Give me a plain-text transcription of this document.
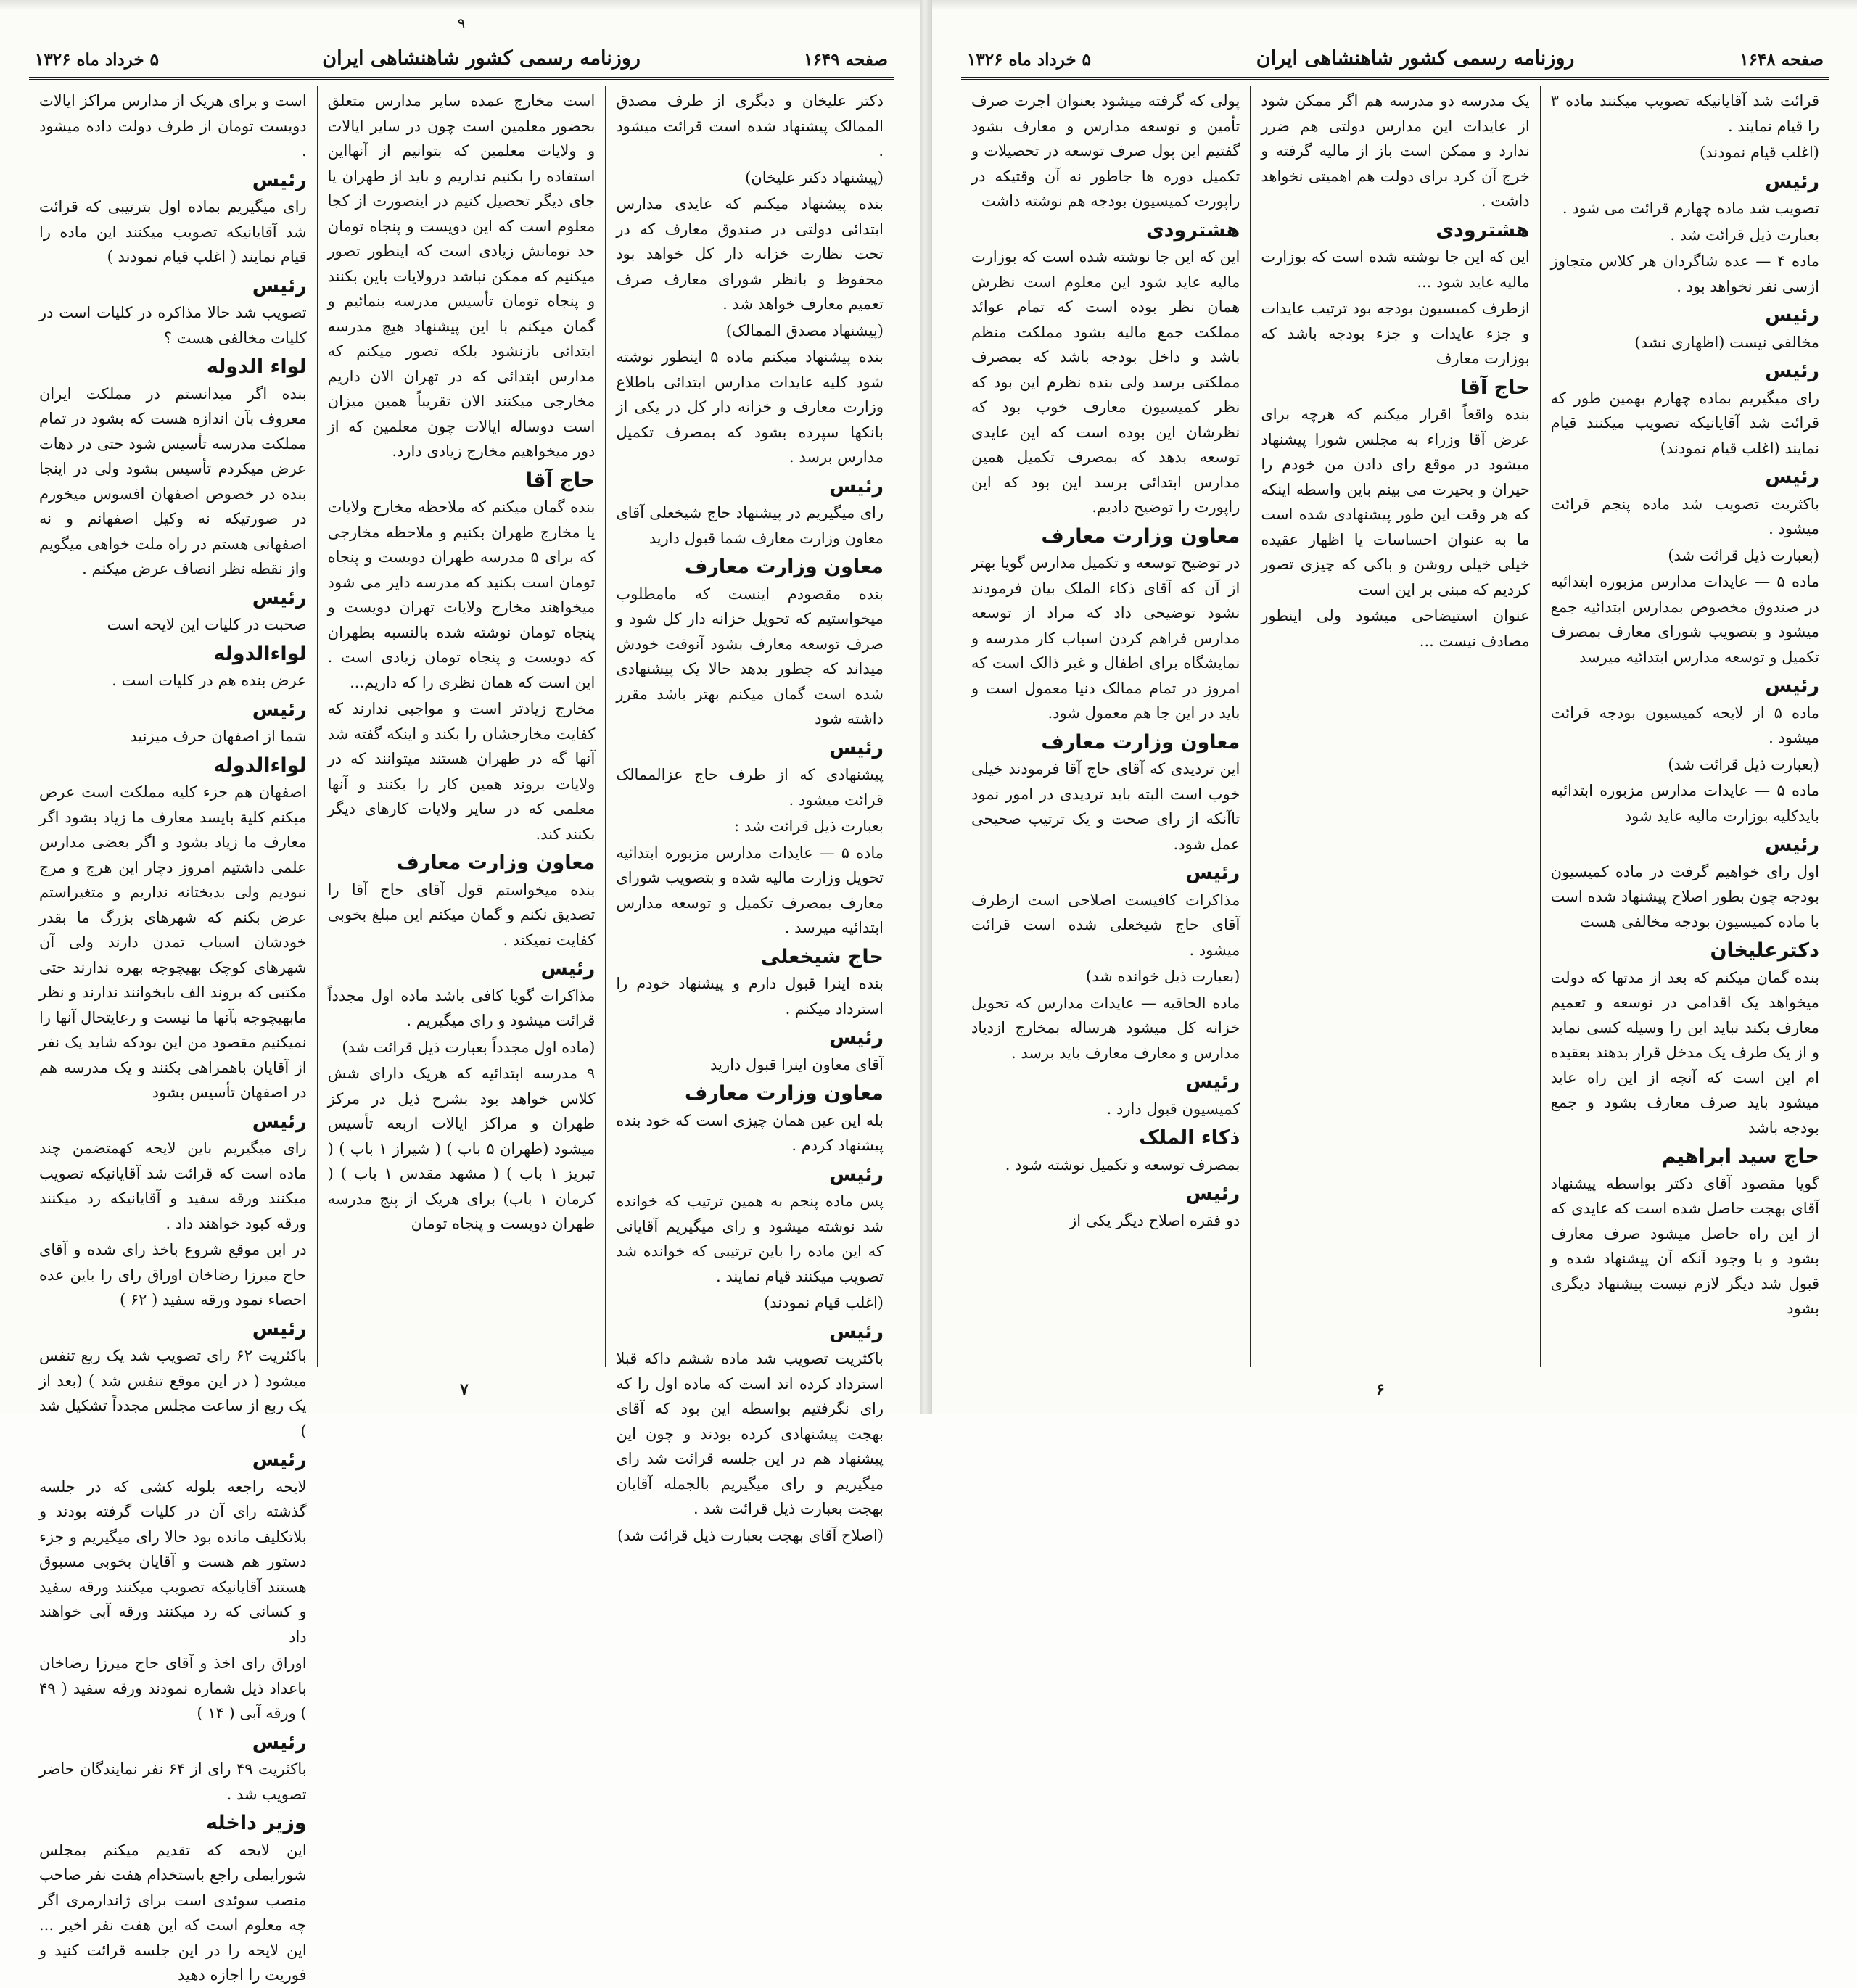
صفحه ۱۶۴۹
روزنامه رسمی کشور شاهنشاهی ایران
۵ خرداد ماه ۱۳۲۶
۹

دکتر علیخان و دیگری از طرف مصدق الممالک پیشنهاد شده است قرائت میشود .

(پیشنهاد دکتر علیخان)

بنده پیشنهاد میکنم که عایدی مدارس ابتدائی دولتی در صندوق معارف که در تحت نظارت خزانه دار کل خواهد بود محفوظ و بانظر شورای معارف صرف تعمیم معارف خواهد شد .

(پیشنهاد مصدق الممالک)

بنده پیشنهاد میکنم ماده ۵ اینطور نوشته شود کلیه عایدات مدارس ابتدائی باطلاع وزارت معارف و خزانه دار کل در یکی از بانکها سپرده بشود که بمصرف تکمیل مدارس برسد .

رئیس

رای میگیریم در پیشنهاد حاج شیخعلی آقای معاون وزارت معارف شما قبول دارید

معاون وزارت معارف

بنده مقصودم اینست که مامطلوب میخواستیم که تحویل خزانه دار کل شود و صرف توسعه معارف بشود آنوقت خودش میداند که چطور بدهد حالا یک پیشنهادی شده است گمان میکنم بهتر باشد مقرر داشته شود

رئیس

پیشنهادی که از طرف حاج عزالممالک قرائت میشود .

بعبارت ذیل قرائت شد :

ماده ۵ — عایدات مدارس مزبوره ابتدائیه تحویل وزارت مالیه شده و بتصویب شورای معارف بمصرف تکمیل و توسعه مدارس ابتدائیه میرسد .

حاج شیخعلی

بنده اینرا قبول دارم و پیشنهاد خودم را استرداد میکنم .

رئیس

آقای معاون اینرا قبول دارید

معاون وزارت معارف

بله این عین همان چیزی است که خود بنده پیشنهاد کردم .

رئیس

پس ماده پنجم به همین ترتیب که خوانده شد نوشته میشود و رای میگیریم آقایانی که این ماده را باین ترتیبی که خوانده شد تصویب میکنند قیام نمایند .

(اغلب قیام نمودند)

رئیس

باکثریت تصویب شد ماده ششم داکه قبلا استرداد کرده اند است که ماده اول را که رای نگرفتیم بواسطه این بود که آقای بهجت پیشنهادی کرده بودند و چون این پیشنهاد هم در این جلسه قرائت شد رای میگیریم و رای میگیریم بالجمله آقایان بهجت بعبارت ذیل قرائت شد .

(اصلاح آقای بهجت بعبارت ذیل قرائت شد)

است مخارج عمده سایر مدارس متعلق بحضور معلمین است چون در سایر ایالات و ولایات معلمین که بتوانیم از آنهااین استفاده را بکنیم نداریم و باید از طهران یا جای دیگر تحصیل کنیم در اینصورت از کجا معلوم است که این دویست و پنجاه تومان حد تومانش زیادی است که اینطور تصور میکنیم که ممکن نباشد درولایات باین بکنند و پنجاه تومان تأسیس مدرسه بنمائیم و گمان میکنم با این پیشنهاد هیچ مدرسه ابتدائی بازنشود بلکه تصور میکنم که مدارس ابتدائی که در تهران الان داریم مخارجی میکنند الان تقریباً همین میزان است دوساله ایالات چون معلمین که از دور میخواهیم مخارج زیادی دارد.

حاج آقا

بنده گمان میکنم که ملاحظه مخارج ولایات یا مخارج طهران بکنیم و ملاحظه مخارجی که برای ۵ مدرسه طهران دویست و پنجاه تومان است بکنید که مدرسه دایر می شود میخواهند مخارج ولایات تهران دویست و پنجاه تومان نوشته شده بالنسبه بطهران که دویست و پنجاه تومان زیادی است . این است که همان نظری را که داریم...

مخارج زیادتر است و مواجبی ندارند که کفایت مخارجشان را بکند و اینکه گفته شد آنها گه در طهران هستند میتوانند که در ولایات بروند همین کار را بکنند و آنها معلمی که در سایر ولایات کارهای دیگر بکنند کند.

معاون وزارت معارف

بنده میخواستم قول آقای حاج آقا را تصدیق نکنم و گمان میکنم این مبلغ بخوبی کفایت نمیکند .

رئیس

مذاکرات گویا کافی باشد ماده اول مجدداً قرائت میشود و رای میگیریم .

(ماده اول مجدداً بعبارت ذیل قرائت شد)

۹ مدرسه ابتدائیه که هریک دارای شش کلاس خواهد بود بشرح ذیل در مرکز طهران و مراکز ایالات اربعه تأسیس میشود (طهران ۵ باب ) ( شیراز ۱ باب ) ( تبریز ۱ باب ) ( مشهد مقدس ۱ باب ) ( کرمان ۱ باب) برای هریک از پنج مدرسه طهران دویست و پنجاه تومان

است و برای هریک از مدارس مراکز ایالات دویست تومان از طرف دولت داده میشود .

رئیس

رای میگیریم بماده اول بترتیبی که قرائت شد آقایانیکه تصویب میکنند این ماده را قیام نمایند ( اغلب قیام نمودند )

رئیس

تصویب شد حالا مذاکره در کلیات است در کلیات مخالفی هست ؟

لواء الدوله

بنده اگر میدانستم در مملکت ایران معروف بآن اندازه هست که بشود در تمام مملکت مدرسه تأسیس شود حتی در دهات عرض میکردم تأسیس بشود ولی در اینجا بنده در خصوص اصفهان افسوس میخورم در صورتیکه نه وکیل اصفهانم و نه اصفهانی هستم در راه ملت خواهی میگویم واز نقطه نظر انصاف عرض میکنم .

رئیس

صحبت در کلیات این لایحه است

لواءالدوله

عرض بنده هم در کلیات است .

رئیس

شما از اصفهان حرف میزنید

لواءالدوله

اصفهان هم جزء کلیه مملکت است عرض میکنم کلیة بایسد معارف ما زیاد بشود اگر معارف ما زیاد بشود و اگر بعضی مدارس علمی داشتیم امروز دچار این هرج و مرج نبودیم ولی بدبختانه نداریم و متغیراستم عرض بکنم که شهرهای بزرگ ما بقدر خودشان اسباب تمدن دارند ولی آن شهرهای کوچک بهیچوجه بهره ندارند حتی مکتبی که بروند الف بابخوانند ندارند و نظر مابهیچوجه بآنها ما نیست و رعایتحال آنها را نمیکنیم مقصود من این بودکه شاید یک نفر از آقایان باهمراهی بکنند و یک مدرسه هم در اصفهان تأسیس بشود

رئیس

رای میگیریم باین لایحه کهمتضمن چند ماده است که قرائت شد آقایانیکه تصویب میکنند ورقه سفید و آقایانیکه رد میکنند ورقه کبود خواهند داد .

در این موقع شروع باخذ رای شده و آقای حاج میرزا رضاخان اوراق رای را باین عده احصاء نمود ورقه سفید ( ۶۲ )

رئیس

باکثریت ۶۲ رای تصویب شد یک ربع تنفس میشود ( در این موقع تنفس شد ) (بعد از یک ربع از ساعت مجلس مجدداً تشکیل شد )

رئیس

لایحه راجعه بلوله کشی که در جلسه گذشته رای آن در کلیات گرفته بودند و بلاتکلیف مانده بود حالا رای میگیریم و جزء دستور هم هست و آقایان بخوبی مسبوق هستند آقایانیکه تصویب میکنند ورقه سفید و کسانی که رد میکنند ورقه آبی خواهند داد

اوراق رای اخذ و آقای حاج میرزا رضاخان باعداد ذیل شماره نمودند ورقه سفید ( ۴۹ ) ورقه آبی ( ۱۴ )

رئیس

باکثریت ۴۹ رای از ۶۴ نفر نمایندگان حاضر تصویب شد .

وزیر داخله

این لایحه که تقدیم میکنم بمجلس شورایملی راجع باستخدام هفت نفر صاحب منصب سوئدی است برای ژاندارمری اگر چه معلوم است که این هفت نفر اخیر ... این لایحه را در این جلسه قرائت کنید و فوریت را اجازه دهید

۷
صفحه ۱۶۴۸
روزنامه رسمی کشور شاهنشاهی ایران
۵ خرداد ماه ۱۳۲۶

قرائت شد آقایانیکه تصویب میکنند ماده ۳ را قیام نمایند .

(اغلب قیام نمودند)

رئیس

تصویب شد ماده چهارم قرائت می شود .

بعبارت ذیل قرائت شد .

ماده ۴ — عده شاگردان هر کلاس متجاوز ازسی نفر نخواهد بود .

رئیس

مخالفی نیست (اظهاری نشد)

رئیس

رای میگیریم بماده چهارم بهمین طور که قرائت شد آقایانیکه تصویب میکنند قیام نمایند (اغلب قیام نمودند)

رئیس

باکثریت تصویب شد ماده پنجم قرائت میشود .

(بعبارت ذیل قرائت شد)

ماده ۵ — عایدات مدارس مزبوره ابتدائیه در صندوق مخصوص بمدارس ابتدائیه جمع میشود و بتصویب شورای معارف بمصرف تکمیل و توسعه مدارس ابتدائیه میرسد

رئیس

ماده ۵ از لایحه کمیسیون بودجه قرائت میشود .

(بعبارت ذیل قرائت شد)

ماده ۵ — عایدات مدارس مزبوره ابتدائیه بایدکلیه بوزارت مالیه عاید شود

رئیس

اول رای خواهیم گرفت در ماده کمیسیون بودجه چون بطور اصلاح پیشنهاد شده است با ماده کمیسیون بودجه مخالفی هست

دکترعلیخان

بنده گمان میکنم که بعد از مدتها که دولت میخواهد یک اقدامی در توسعه و تعمیم معارف بکند نباید این را وسیله کسی نماید و از یک طرف یک مدخل قرار بدهند بعقیده ام این است که آنچه از این راه عاید میشود باید صرف معارف بشود و جمع بودجه باشد

حاج سید ابراهیم

گویا مقصود آقای دکتر بواسطه پیشنهاد آقای بهجت حاصل شده است که عایدی که از این راه حاصل میشود صرف معارف بشود و با وجود آنکه آن پیشنهاد شده و قبول شد دیگر لازم نیست پیشنهاد دیگری بشود

یک مدرسه دو مدرسه هم اگر ممکن شود از عایدات این مدارس دولتی هم ضرر ندارد و ممکن است باز از مالیه گرفته و خرج آن کرد برای دولت هم اهمیتی نخواهد داشت .

هشترودی

این که این جا نوشته شده است که بوزارت مالیه عاید شود ...

ازطرف کمیسیون بودجه بود ترتیب عایدات و جزء عایدات و جزء بودجه باشد که بوزارت معارف

حاج آقا

بنده واقعاً اقرار میکنم که هرچه برای عرض آقا وزراء به مجلس شورا پیشنهاد میشود در موقع رای دادن من خودم را حیران و بحیرت می بینم باین واسطه اینکه که هر وقت این طور پیشنهادی شده است ما به عنوان احساسات یا اظهار عقیده خیلی خیلی روشن و باکی که چیزی تصور کردیم که مبنی بر این است

عنوان استیضاحی میشود ولی اینطور مصادف نیست ...

پولی که گرفته میشود بعنوان اجرت صرف تأمین و توسعه مدارس و معارف بشود گفتیم این پول صرف توسعه در تحصیلات و تکمیل دوره ها جاطور نه آن وقتیکه در راپورت کمیسیون بودجه هم نوشته داشت

هشترودی

این که این جا نوشته شده است که بوزارت مالیه عاید شود این معلوم است نظرش همان نظر بوده است که تمام عوائد مملکت جمع مالیه بشود مملکت منظم باشد و داخل بودجه باشد که بمصرف مملکتی برسد ولی بنده نظرم این بود که نظر کمیسیون معارف خوب بود که نظرشان این بوده است که این عایدی توسعه بدهد که بمصرف تکمیل همین مدارس ابتدائی برسد این بود که این راپورت را توضیح دادیم.

معاون وزارت معارف

در توضیح توسعه و تکمیل مدارس گویا بهتر از آن که آقای ذکاء الملک بیان فرمودند نشود توضیحی داد که مراد از توسعه مدارس فراهم کردن اسباب کار مدرسه و نمایشگاه برای اطفال و غیر ذالک است که امروز در تمام ممالک دنیا معمول است و باید در این جا هم معمول شود.

معاون وزارت معارف

این تردیدی که آقای حاج آقا فرمودند خیلی خوب است البته باید تردیدی در امور نمود تاآنکه از رای صحت و یک ترتیب صحیحی عمل شود.

رئیس

مذاکرات کافیست اصلاحی است ازطرف آقای حاج شیخعلی شده است قرائت میشود .

(بعبارت ذیل خوانده شد)

ماده الحاقیه — عایدات مدارس که تحویل خزانه کل میشود هرساله بمخارج ازدیاد مدارس و معارف معارف باید برسد .

رئیس

کمیسیون قبول دارد .

ذکاء الملک

بمصرف توسعه و تکمیل نوشته شود .

رئیس

دو فقره اصلاح دیگر یکی از

۶
